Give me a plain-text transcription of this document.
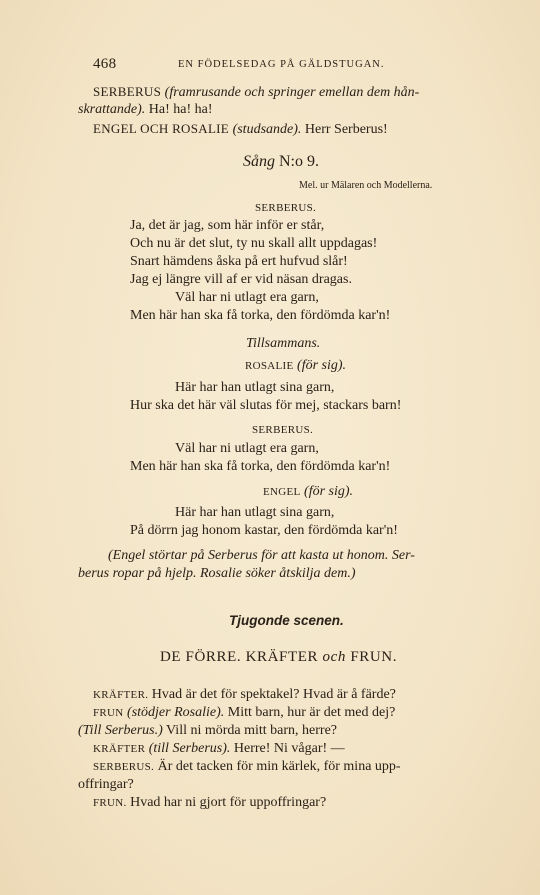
468	EN FÖDELSEDAG PÅ GÄLDSTUGAN.
SERBERUS (framrusande och springer emellan dem hån-
skrattande). Ha! ha! ha!
ENGEL OCH ROSALIE (studsande). Herr Serberus!
Sång N:o 9.
Mel. ur Mälaren och Modellerna.
SERBERUS.
Ja, det är jag, som här inför er står,
Och nu är det slut, ty nu skall allt uppdagas!
Snart hämdens åska på ert hufvud slår!
Jag ej längre vill af er vid näsan dragas.
Väl har ni utlagt era garn,
Men här han ska få torka, den fördömda kar'n!
Tillsammans.
ROSALIE (för sig).
Här har han utlagt sina garn,
Hur ska det här väl slutas för mej, stackars barn!
SERBERUS.
Väl har ni utlagt era garn,
Men här han ska få torka, den fördömda kar'n!
ENGEL (för sig).
Här har han utlagt sina garn,
På dörrn jag honom kastar, den fördömda kar'n!
(Engel störtar på Serberus för att kasta ut honom. Ser-
berus ropar på hjelp. Rosalie söker åtskilja dem.)
Tjugonde scenen.
DE FÖRRE. KRÄFTER och FRUN.
KRÄFTER. Hvad är det för spektakel? Hvad är å färde?
FRUN (stödjer Rosalie). Mitt barn, hur är det med dej?
(Till Serberus.) Vill ni mörda mitt barn, herre?
KRÄFTER (till Serberus). Herre! Ni vågar! —
SERBERUS. Är det tacken för min kärlek, för mina upp-
offringar?
FRUN. Hvad har ni gjort för uppoffringar?
